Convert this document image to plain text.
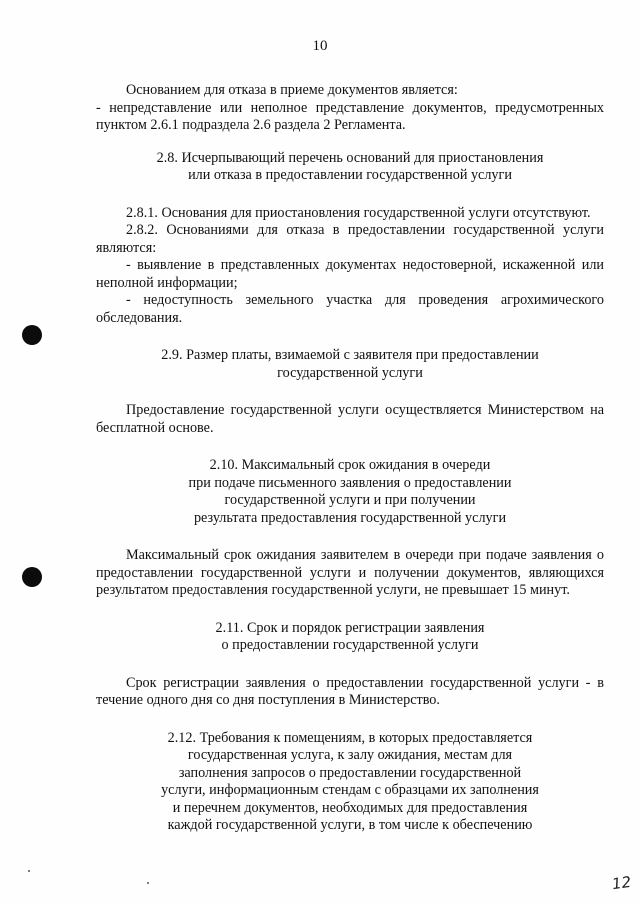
10

Основанием для отказа в приеме документов является:

- непредставление или неполное представление документов, предусмотренных пунктом 2.6.1 подраздела 2.6 раздела 2 Регламента.

2.8. Исчерпывающий перечень оснований для приостановления

или отказа в предоставлении государственной услуги

2.8.1. Основания для приостановления государственной услуги отсутствуют.

2.8.2. Основаниями для отказа в предоставлении государственной услуги являются:

- выявление в представленных документах недостоверной, искаженной или неполной информации;

- недоступность земельного участка для проведения агрохимического обследования.

2.9. Размер платы, взимаемой с заявителя при предоставлении

государственной услуги

Предоставление государственной услуги осуществляется Министерством на бесплатной основе.

2.10. Максимальный срок ожидания в очереди

при подаче письменного заявления о предоставлении

государственной услуги и при получении

результата предоставления государственной услуги

Максимальный срок ожидания заявителем в очереди при подаче заявления о предоставлении государственной услуги и получении документов, являющихся результатом предоставления государственной услуги, не превышает 15 минут.

2.11. Срок и порядок регистрации заявления

о предоставлении государственной услуги

Срок регистрации заявления о предоставлении государственной услуги - в течение одного дня со дня поступления в Министерство.

2.12. Требования к помещениям, в которых предоставляется

государственная услуга, к залу ожидания, местам для

заполнения запросов о предоставлении государственной

услуги, информационным стендам с образцами их заполнения

и перечнем документов, необходимых для предоставления

каждой государственной услуги, в том числе к обеспечению

12
